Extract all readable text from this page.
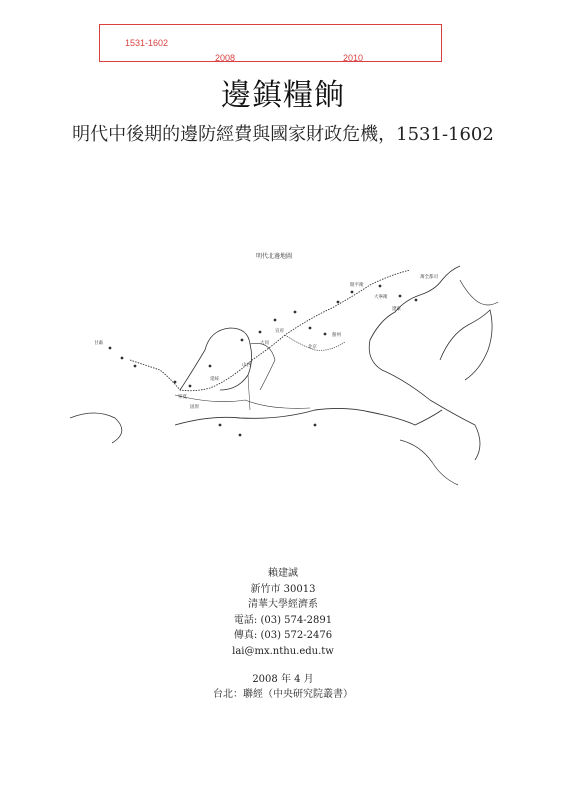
1531-1602
2008	2010
邊鎮糧餉
明代中後期的邊防經費與國家財政危機，1531-1602
明代北邊地圖
萬全都司
遼東
薊州
宣府
大同
山西
延綏
寧夏
固原
甘肅
北京
開平衛
大寧衛
賴建誠
新竹市 30013
清華大學經濟系
電話: (03) 574-2891
傳真: (03) 572-2476
lai@mx.nthu.edu.tw
2008 年 4 月
台北：聯經（中央研究院叢書）
